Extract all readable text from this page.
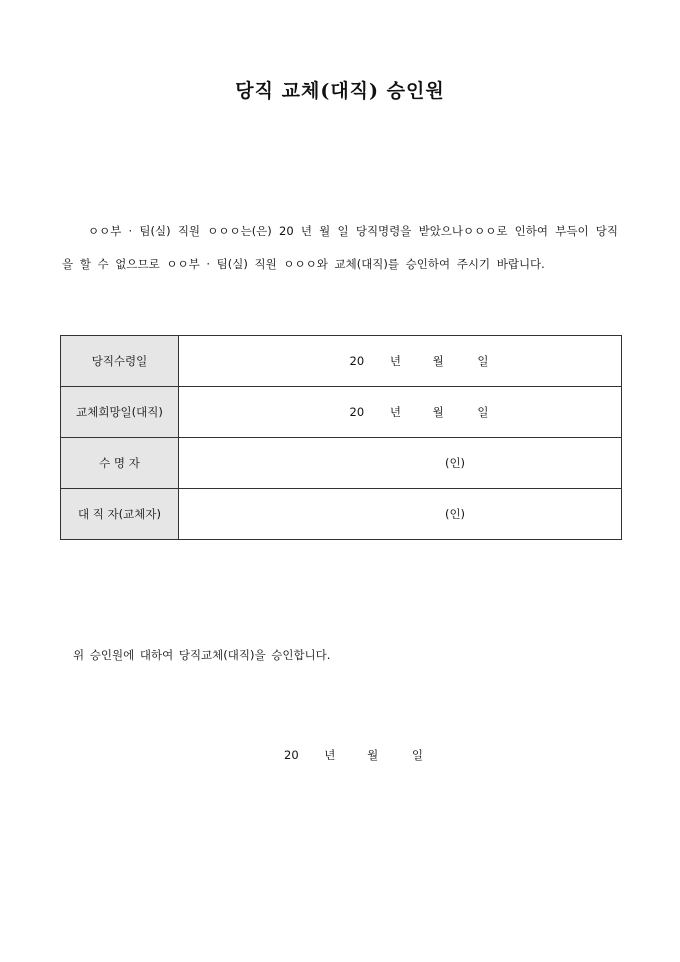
당직 교체(대직) 승인원

ㅇㅇ부 · 팀(실) 직원 ㅇㅇㅇ는(은) 20 년 월 일 당직명령을 받았으나ㅇㅇㅇ로 인하여 부득이 당직을 할 수 없으므로 ㅇㅇ부 · 팀(실) 직원 ㅇㅇㅇ와 교체(대직)를 승인하여 주시기 바랍니다.

당직수령일	20 년 월 일
교체희망일(대직)	20 년 월 일
수 명 자	(인)
대 직 자(교체자)	(인)

위 승인원에 대하여 당직교체(대직)을 승인합니다.

20 년	월	일
